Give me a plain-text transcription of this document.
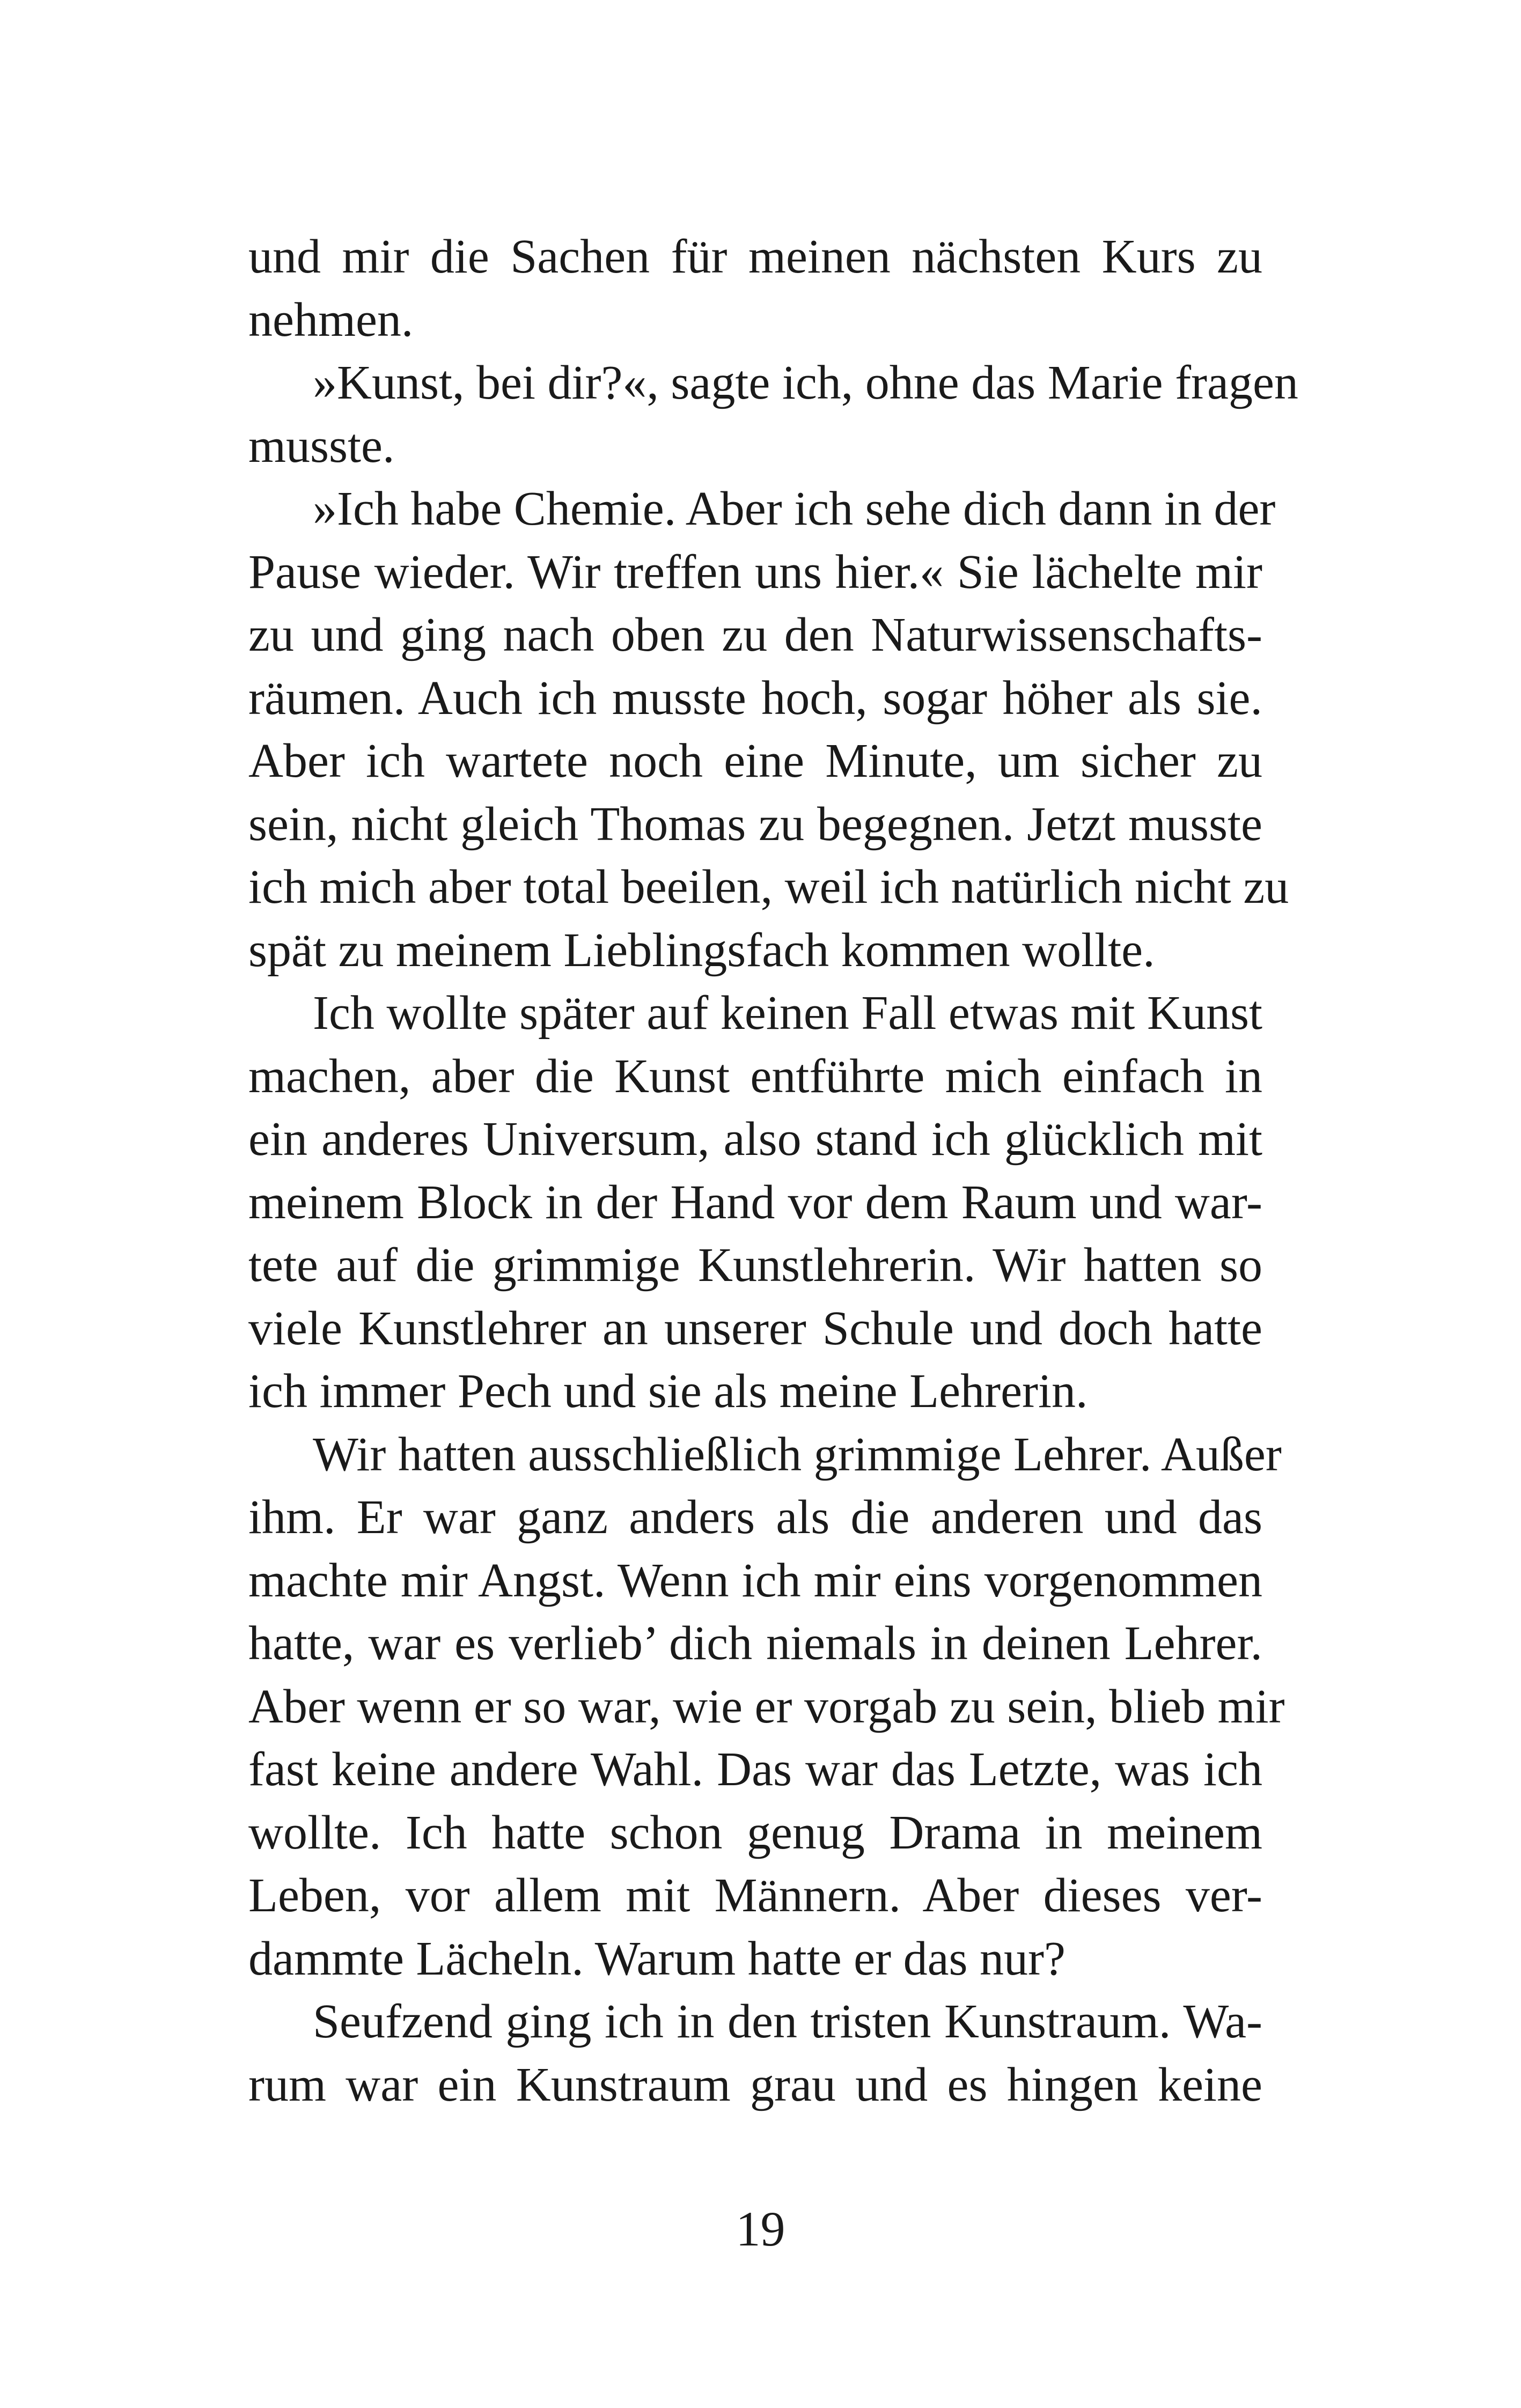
und mir die Sachen für meinen nächsten Kurs zu
nehmen.
»Kunst, bei dir?«, sagte ich, ohne das Marie fragen
musste.
»Ich habe Chemie. Aber ich sehe dich dann in der
Pause wieder. Wir treffen uns hier.« Sie lächelte mir
zu und ging nach oben zu den Naturwissenschafts-
räumen. Auch ich musste hoch, sogar höher als sie.
Aber ich wartete noch eine Minute, um sicher zu
sein, nicht gleich Thomas zu begegnen. Jetzt musste
ich mich aber total beeilen, weil ich natürlich nicht zu
spät zu meinem Lieblingsfach kommen wollte.
Ich wollte später auf keinen Fall etwas mit Kunst
machen, aber die Kunst entführte mich einfach in
ein anderes Universum, also stand ich glücklich mit
meinem Block in der Hand vor dem Raum und war-
tete auf die grimmige Kunstlehrerin. Wir hatten so
viele Kunstlehrer an unserer Schule und doch hatte
ich immer Pech und sie als meine Lehrerin.
Wir hatten ausschließlich grimmige Lehrer. Außer
ihm. Er war ganz anders als die anderen und das
machte mir Angst. Wenn ich mir eins vorgenommen
hatte, war es verlieb’ dich niemals in deinen Lehrer.
Aber wenn er so war, wie er vorgab zu sein, blieb mir
fast keine andere Wahl. Das war das Letzte, was ich
wollte. Ich hatte schon genug Drama in meinem
Leben, vor allem mit Männern. Aber dieses ver-
dammte Lächeln. Warum hatte er das nur?
Seufzend ging ich in den tristen Kunstraum. Wa-
rum war ein Kunstraum grau und es hingen keine
19
